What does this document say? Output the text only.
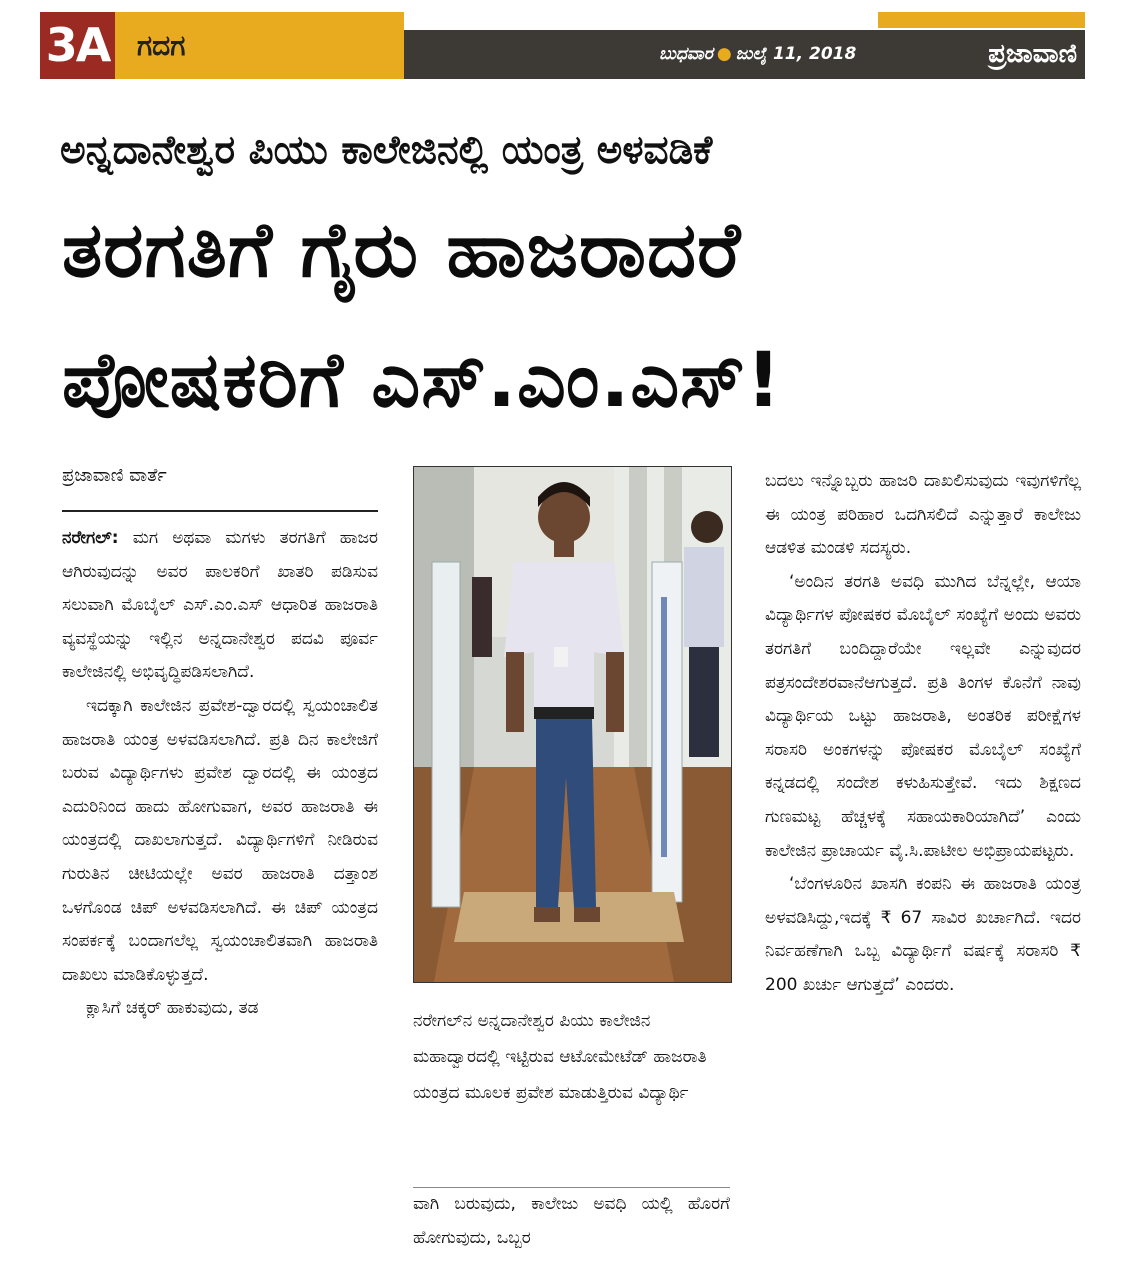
3A ಗದಗ	ಬುಧವಾರ ● ಜುಲೈ 11, 2018	ಪ್ರಜಾವಾಣಿ
ಅನ್ನದಾನೇಶ್ವರ ಪಿಯು ಕಾಲೇಜಿನಲ್ಲಿ ಯಂತ್ರ ಅಳವಡಿಕೆ
ತರಗತಿಗೆ ಗೈರು ಹಾಜರಾದರೆ
ಪೋಷಕರಿಗೆ ಎಸ್‌.ಎಂ.ಎಸ್‌!
ಪ್ರಜಾವಾಣಿ ವಾರ್ತೆ

ನರೇಗಲ್: ಮಗ ಅಥವಾ ಮಗಳು ತರಗತಿಗೆ ಹಾಜರ ಆಗಿರುವುದನ್ನು ಅವರ ಪಾಲಕರಿಗೆ ಖಾತರಿ ಪಡಿಸುವ ಸಲುವಾಗಿ ಮೊಬೈಲ್ ಎಸ್.ಎಂ.ಎಸ್ ಆಧಾರಿತ ಹಾಜರಾತಿ ವ್ಯವಸ್ಥೆಯನ್ನು ಇಲ್ಲಿನ ಅನ್ನದಾನೇಶ್ವರ ಪದವಿ ಪೂರ್ವ ಕಾಲೇಜಿನಲ್ಲಿ ಅಭಿವೃದ್ಧಿಪಡಿಸಲಾಗಿದೆ.

ಇದಕ್ಕಾಗಿ ಕಾಲೇಜಿನ ಪ್ರವೇಶ-ದ್ವಾರದಲ್ಲಿ ಸ್ವಯಂಚಾಲಿತ ಹಾಜರಾತಿ ಯಂತ್ರ ಅಳವಡಿಸಲಾಗಿದೆ. ಪ್ರತಿ ದಿನ ಕಾಲೇಜಿಗೆ ಬರುವ ವಿದ್ಯಾರ್ಥಿಗಳು ಪ್ರವೇಶ ದ್ವಾರದಲ್ಲಿ ಈ ಯಂತ್ರದ ಎದುರಿನಿಂದ ಹಾದು ಹೋಗುವಾಗ, ಅವರ ಹಾಜರಾತಿ ಈ ಯಂತ್ರದಲ್ಲಿ ದಾಖಲಾಗುತ್ತದೆ. ವಿದ್ಯಾರ್ಥಿಗಳಿಗೆ ನೀಡಿರುವ ಗುರುತಿನ ಚೀಟಿಯಲ್ಲೇ ಅವರ ಹಾಜರಾತಿ ದತ್ತಾಂಶ ಒಳಗೊಂಡ ಚಿಪ್ ಅಳವಡಿಸಲಾಗಿದೆ. ಈ ಚಿಪ್ ಯಂತ್ರದ ಸಂಪರ್ಕಕ್ಕೆ ಬಂದಾಗಲೆಲ್ಲ ಸ್ವಯಂಚಾಲಿತವಾಗಿ ಹಾಜರಾತಿ ದಾಖಲು ಮಾಡಿಕೊಳ್ಳುತ್ತದೆ.

ಕ್ಲಾಸಿಗೆ ಚಕ್ಕರ್ ಹಾಕುವುದು, ತಡ

ನರೇಗಲ್‌ನ ಅನ್ನದಾನೇಶ್ವರ ಪಿಯು ಕಾಲೇಜಿನ ಮಹಾದ್ವಾರದಲ್ಲಿ ಇಟ್ಟಿರುವ ಆಟೋಮೇಟೆಡ್ ಹಾಜರಾತಿ ಯಂತ್ರದ ಮೂಲಕ ಪ್ರವೇಶ ಮಾಡುತ್ತಿರುವ ವಿದ್ಯಾರ್ಥಿ

ವಾಗಿ ಬರುವುದು, ಕಾಲೇಜು ಅವಧಿ ಯಲ್ಲಿ ಹೊರಗೆ ಹೋಗುವುದು, ಒಬ್ಬರ

ಬದಲು ಇನ್ನೊಬ್ಬರು ಹಾಜರಿ ದಾಖಲಿಸುವುದು ಇವುಗಳಿಗೆಲ್ಲ ಈ ಯಂತ್ರ ಪರಿಹಾರ ಒದಗಿಸಲಿದೆ ಎನ್ನುತ್ತಾರೆ ಕಾಲೇಜು ಆಡಳಿತ ಮಂಡಳಿ ಸದಸ್ಯರು.

‘ಅಂದಿನ ತರಗತಿ ಅವಧಿ ಮುಗಿದ ಬೆನ್ನಲ್ಲೇ, ಆಯಾ ವಿದ್ಯಾರ್ಥಿಗಳ ಪೋಷಕರ ಮೊಬೈಲ್ ಸಂಖ್ಯೆಗೆ ಅಂದು ಅವರು ತರಗತಿಗೆ ಬಂದಿದ್ದಾರೆಯೇ ಇಲ್ಲವೇ ಎನ್ನುವುದರ ಪತ್ರಸಂದೇಶರವಾನೆಆಗುತ್ತದೆ. ಪ್ರತಿ ತಿಂಗಳ ಕೊನೆಗೆ ನಾವು ವಿದ್ಯಾರ್ಥಿಯ ಒಟ್ಟು ಹಾಜರಾತಿ, ಅಂತರಿಕ ಪರೀಕ್ಷೆಗಳ ಸರಾಸರಿ ಅಂಕಗಳನ್ನು ಪೋಷಕರ ಮೊಬೈಲ್ ಸಂಖ್ಯೆಗೆ ಕನ್ನಡದಲ್ಲಿ ಸಂದೇಶ ಕಳುಹಿಸುತ್ತೇವೆ. ಇದು ಶಿಕ್ಷಣದ ಗುಣಮಟ್ಟ ಹೆಚ್ಚಳಕ್ಕೆ ಸಹಾಯಕಾರಿಯಾಗಿದೆ’ ಎಂದು ಕಾಲೇಜಿನ ಪ್ರಾಚಾರ್ಯ ವೈ.ಸಿ.ಪಾಟೀಲ ಅಭಿಪ್ರಾಯಪಟ್ಟರು.

‘ಬೆಂಗಳೂರಿನ ಖಾಸಗಿ ಕಂಪನಿ ಈ ಹಾಜರಾತಿ ಯಂತ್ರ ಅಳವಡಿಸಿದ್ದು,ಇದಕ್ಕೆ ₹ 67 ಸಾವಿರ ಖರ್ಚಾಗಿದೆ. ಇದರ ನಿರ್ವಹಣೆಗಾಗಿ ಒಬ್ಬ ವಿದ್ಯಾರ್ಥಿಗೆ ವರ್ಷಕ್ಕೆ ಸರಾಸರಿ ₹ 200 ಖರ್ಚು ಆಗುತ್ತದೆ’ ಎಂದರು.
